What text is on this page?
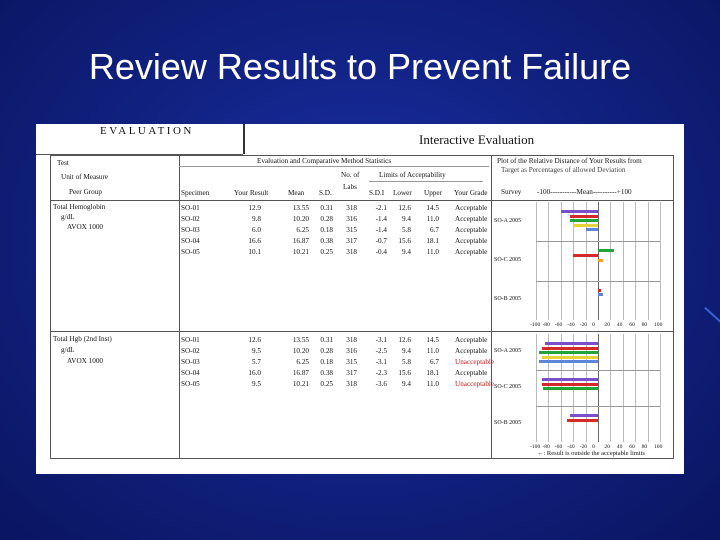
Review Results to Prevent Failure
EVALUATION
Interactive Evaluation
Test
Unit of Measure
Peer Group
Evaluation and Comparative Method Statistics
No. of
Labs
Limits of Acceptability
Specimen	Your Result	Mean S.D.	S.D.I Lower Upper Your Grade
Plot of the Relative Distance of Your Results from
Target as Percentages of allowed Deviation
Survey -100-----------Mean----------+100
Total Hemoglobin
g/dL
AVOX 1000
Total Hgb (2nd Inst)
g/dL
AVOX 1000
SO-01	12.9	13.55	0.31	318	-2.1	12.6	14.5 Acceptable
SO-02	9.8	10.20	0.28	316	-1.4	9.4	11.0 Acceptable
SO-03	6.0	6.25	0.18	315	-1.4	5.8	6.7 Acceptable
SO-04	16.6	16.87	0.38	317	-0.7	15.6	18.1 Acceptable
SO-05	10.1	10.21	0.25	318	-0.4	9.4	11.0 Acceptable
SO-01	12.6	13.55	0.31	318	-3.1	12.6	14.5 Acceptable
SO-02	9.5	10.20	0.28	316	-2.5	9.4	11.0 Acceptable
SO-03	5.7	6.25	0.18	315	-3.1	5.8	6.7 Unacceptable
SO-04	16.0	16.87	0.38	317	-2.3	15.6	18.1 Acceptable
SO-05	9.5	10.21	0.25	318	-3.6	9.4	11.0 Unacceptable
SO-A 2005
SO-C 2005
SO-B 2005
-100 -80 -60 -40 -20 0 20 40 60 80 100
SO-A 2005
SO-C 2005
SO-B 2005
-100 -80 -60 -40 -20 0 20 40 60 80 100
←: Result is outside the acceptable limits
